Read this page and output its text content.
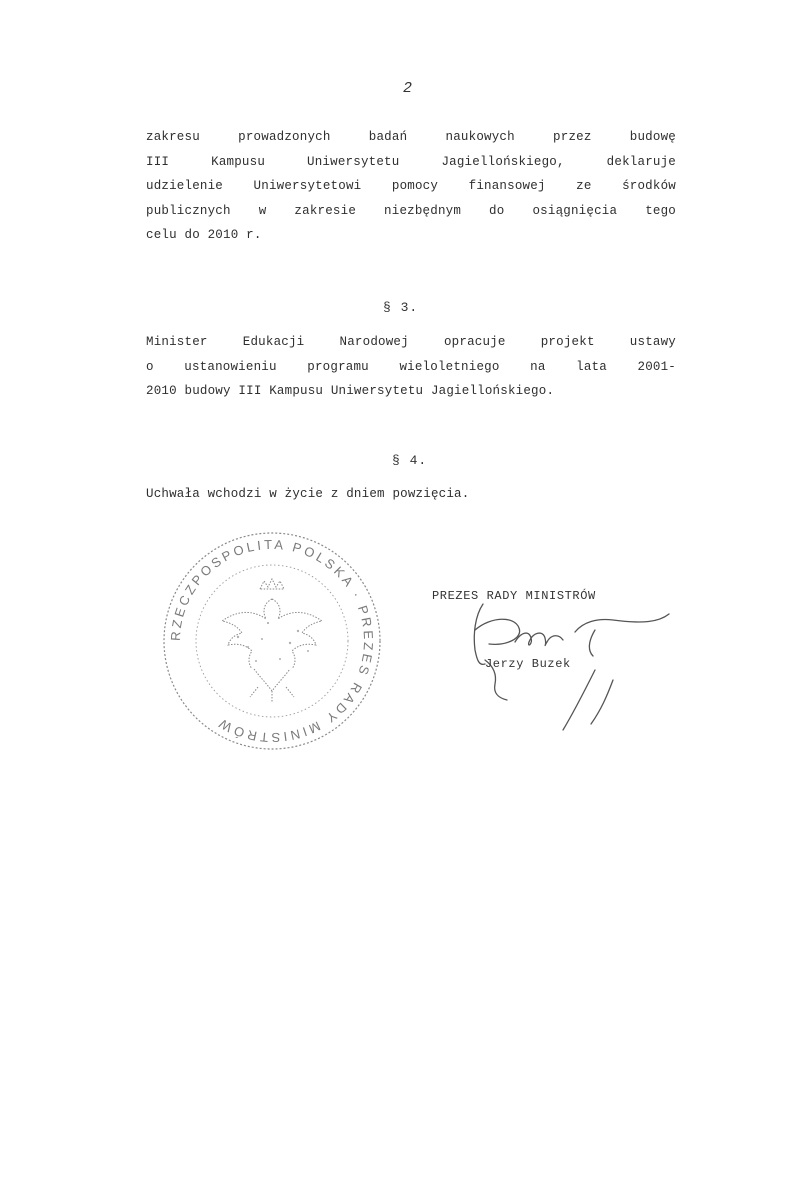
2
zakresu prowadzonych badań naukowych przez budowę
III Kampusu Uniwersytetu Jagiellońskiego, deklaruje
udzielenie Uniwersytetowi pomocy finansowej ze środków
publicznych w zakresie niezbędnym do osiągnięcia tego
celu do 2010 r.
§ 3.
Minister Edukacji Narodowej opracuje projekt ustawy
o ustanowieniu programu wieloletniego na lata 2001-
2010 budowy III Kampusu Uniwersytetu Jagiellońskiego.
§ 4.
Uchwała wchodzi w życie z dniem powzięcia.
RZECZPOSPOLITA POLSKA · PREZES RADY MINISTRÓW
PREZES RADY MINISTRÓW
Jerzy Buzek
